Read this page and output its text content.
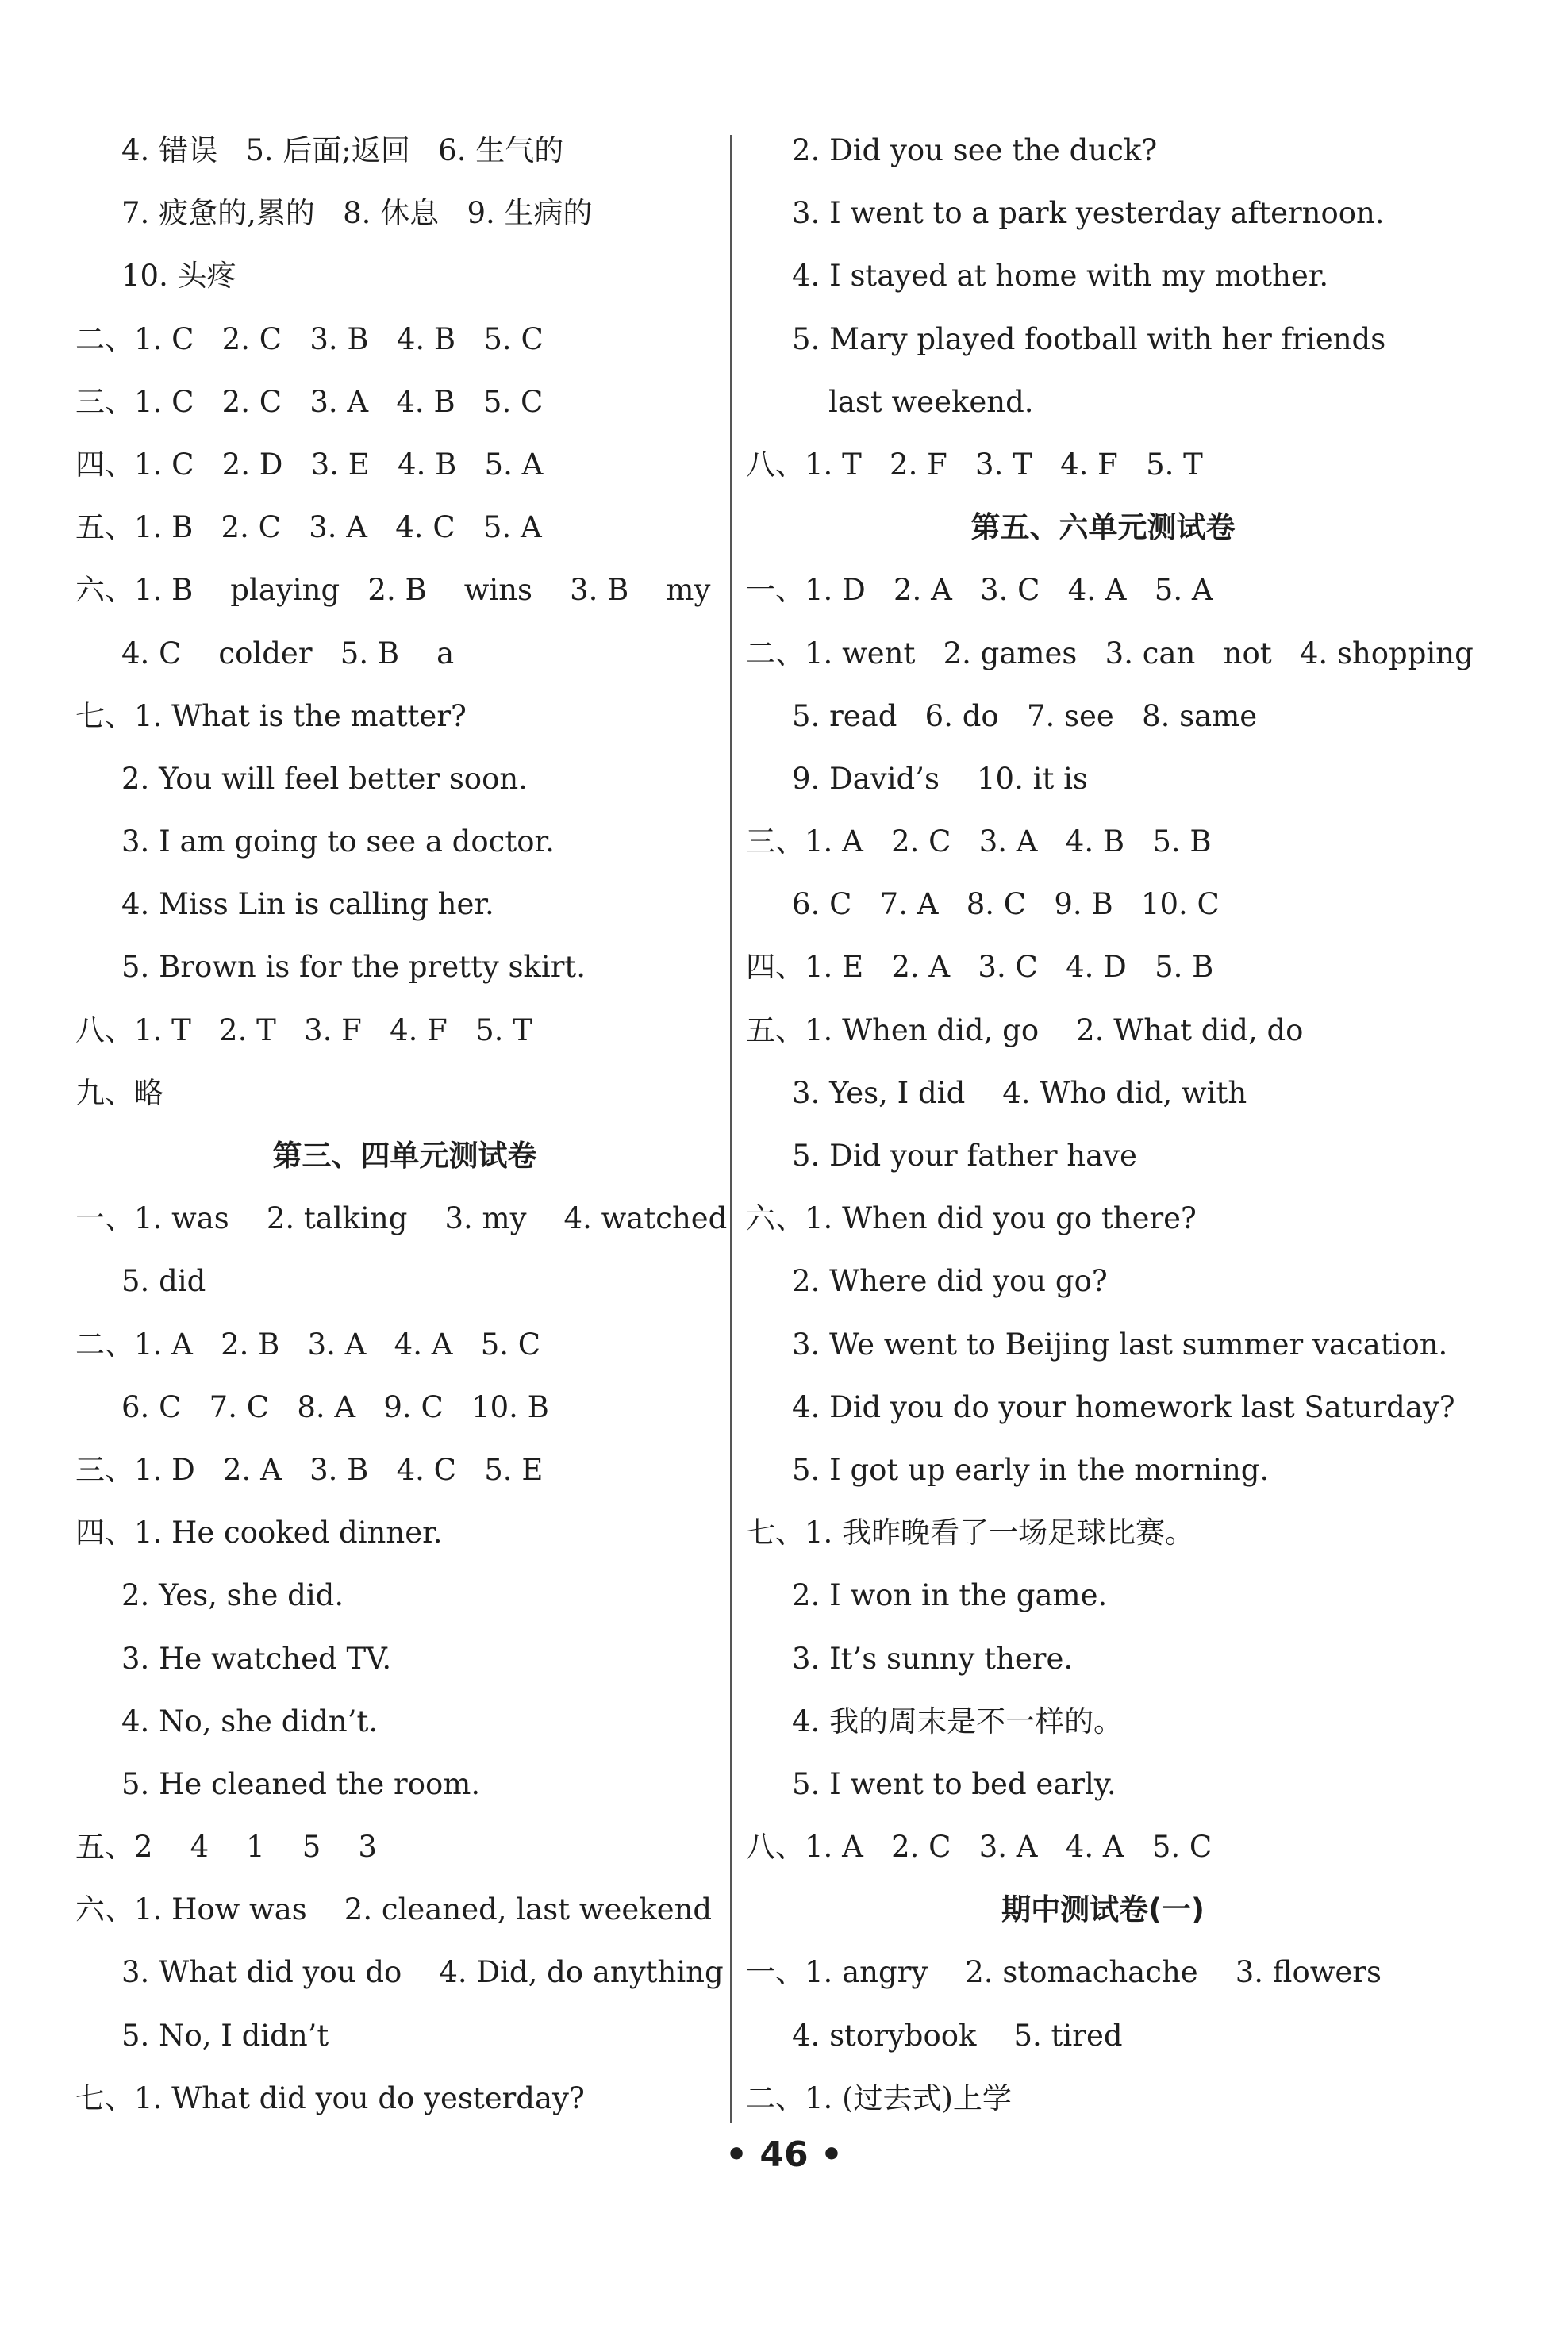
4. 错误   5. 后面;返回   6. 生气的
7. 疲惫的,累的   8. 休息   9. 生病的
10. 头疼
二、1. C   2. C   3. B   4. B   5. C
三、1. C   2. C   3. A   4. B   5. C
四、1. C   2. D   3. E   4. B   5. A
五、1. B   2. C   3. A   4. C   5. A
六、1. B    playing   2. B    wins    3. B    my
4. C    colder   5. B    a
七、1. What is the matter?
2. You will feel better soon.
3. I am going to see a doctor.
4. Miss Lin is calling her.
5. Brown is for the pretty skirt.
八、1. T   2. T   3. F   4. F   5. T
九、略
第三、四单元测试卷
一、1. was    2. talking    3. my    4. watched
5. did
二、1. A   2. B   3. A   4. A   5. C
6. C   7. C   8. A   9. C   10. B
三、1. D   2. A   3. B   4. C   5. E
四、1. He cooked dinner.
2. Yes, she did.
3. He watched TV.
4. No, she didn’t.
5. He cleaned the room.
五、2    4    1    5    3
六、1. How was    2. cleaned, last weekend
3. What did you do    4. Did, do anything
5. No, I didn’t
七、1. What did you do yesterday?
2. Did you see the duck?
3. I went to a park yesterday afternoon.
4. I stayed at home with my mother.
5. Mary played football with her friends
last weekend.
八、1. T   2. F   3. T   4. F   5. T
第五、六单元测试卷
一、1. D   2. A   3. C   4. A   5. A
二、1. went   2. games   3. can   not   4. shopping
5. read   6. do   7. see   8. same
9. David’s    10. it is
三、1. A   2. C   3. A   4. B   5. B
6. C   7. A   8. C   9. B   10. C
四、1. E   2. A   3. C   4. D   5. B
五、1. When did, go    2. What did, do
3. Yes, I did    4. Who did, with
5. Did your father have
六、1. When did you go there?
2. Where did you go?
3. We went to Beijing last summer vacation.
4. Did you do your homework last Saturday?
5. I got up early in the morning.
七、1. 我昨晚看了一场足球比赛。
2. I won in the game.
3. It’s sunny there.
4. 我的周末是不一样的。
5. I went to bed early.
八、1. A   2. C   3. A   4. A   5. C
期中测试卷(一)
一、1. angry    2. stomachache    3. flowers
4. storybook    5. tired
二、1. (过去式)上学
• 46 •
